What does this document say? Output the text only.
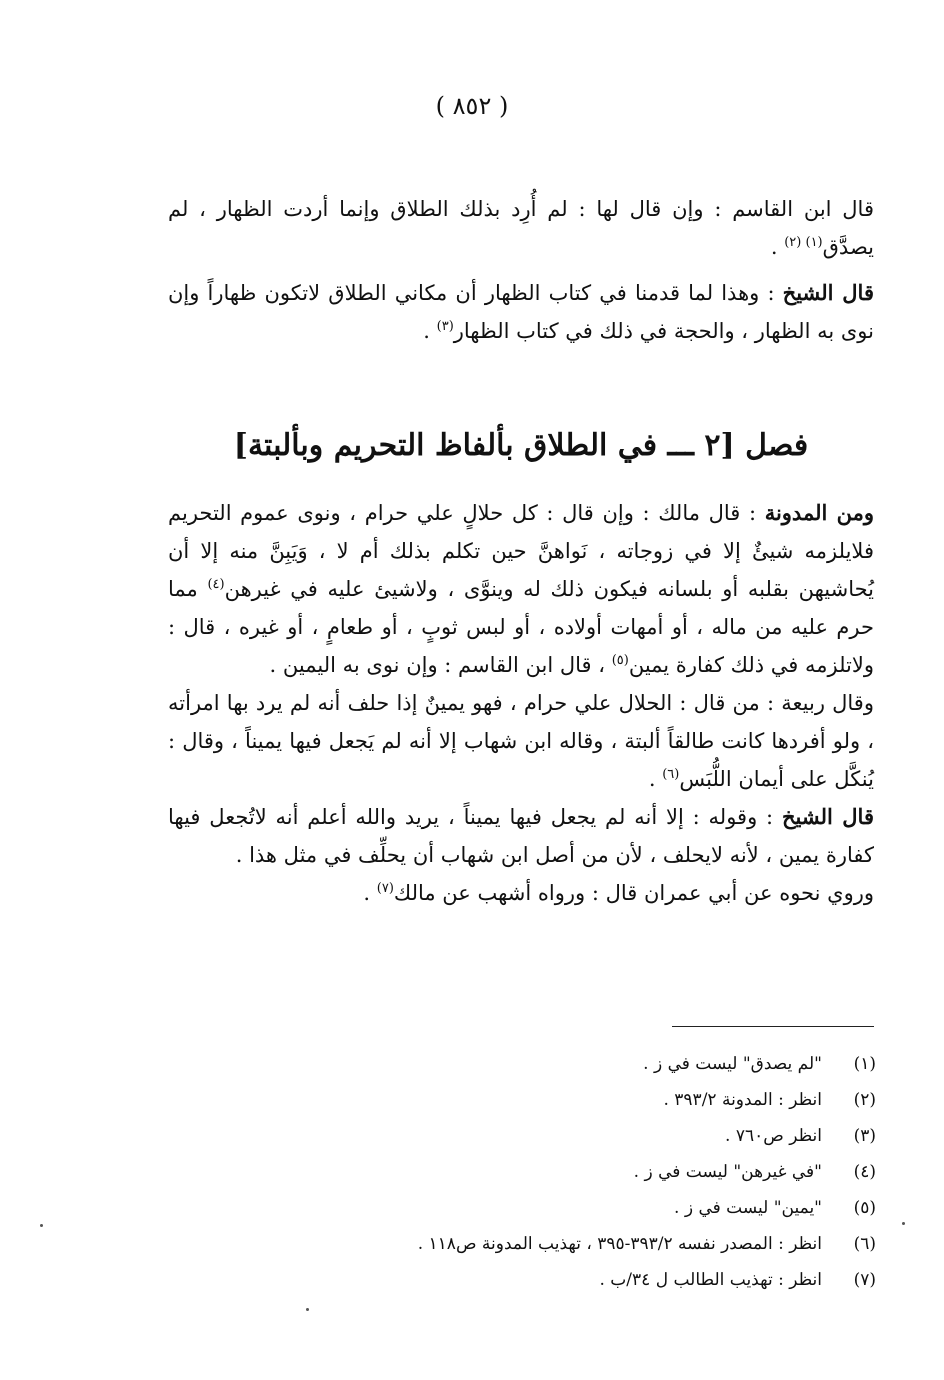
( ٨٥٢ )

قال ابن القاسم : وإن قال لها : لم أُرِد بذلك الطلاق وإنما أردت الظهار ، لم يصدَّق$^{(١) (٢)}$ .

قال الشيخ : وهذا لما قدمنا في كتاب الظهار أن مكاني الطلاق لاتكون ظهاراً وإن نوى به الظهار ، والحجة في ذلك في كتاب الظهار$^{(٣)}$ .

فصل [٢ ـــ في الطلاق بألفاظ التحريم وبألبتة]

ومن المدونة : قال مالك : وإن قال : كل حلالٍ علي حرام ، ونوى عموم التحريم فلايلزمه شيئٌ إلا في زوجاته ، نَواهنَّ حين تكلم بذلك أم لا ، وَيَبِنَّ منه إلا أن يُحاشيهن بقلبه أو بلسانه فيكون ذلك له وينوَّى ، ولاشيئ عليه في غيرهن$^{(٤)}$ مما حرم عليه من ماله ، أو أمهات أولاده ، أو لبس ثوبٍ ، أو طعامٍ ، أو غيره ، قال : ولاتلزمه في ذلك كفارة يمين$^{(٥)}$ ، قال ابن القاسم : وإن نوى به اليمين .

وقال ربيعة : من قال : الحلال علي حرام ، فهو يمينٌ إذا حلف أنه لم يرد بها امرأته ، ولو أفردها كانت طالقاً ألبتة ، وقاله ابن شهاب إلا أنه لم يَجعل فيها يميناً ، وقال : يُنكَّل على أيمان اللُّبَس$^{(٦)}$ .

قال الشيخ : وقوله : إلا أنه لم يجعل فيها يميناً ، يريد والله أعلم أنه لاتُجعل فيها كفارة يمين ، لأنه لايحلف ، لأن من أصل ابن شهاب أن يحلِّف في مثل هذا .

وروي نحوه عن أبي عمران قال : ورواه أشهب عن مالك$^{(٧)}$ .

(١)
"لم يصدق" ليست في ز .
(٢)
انظر : المدونة ٣٩٣/٢ .
(٣)
انظر ص٧٦٠ .
(٤)
"في غيرهن" ليست في ز .
(٥)
"يمين" ليست في ز .
(٦)
انظر : المصدر نفسه ٣٩٣/٢-٣٩٥ ، تهذيب المدونة ص١١٨ .
(٧)
انظر : تهذيب الطالب ل ٣٤/ب .
